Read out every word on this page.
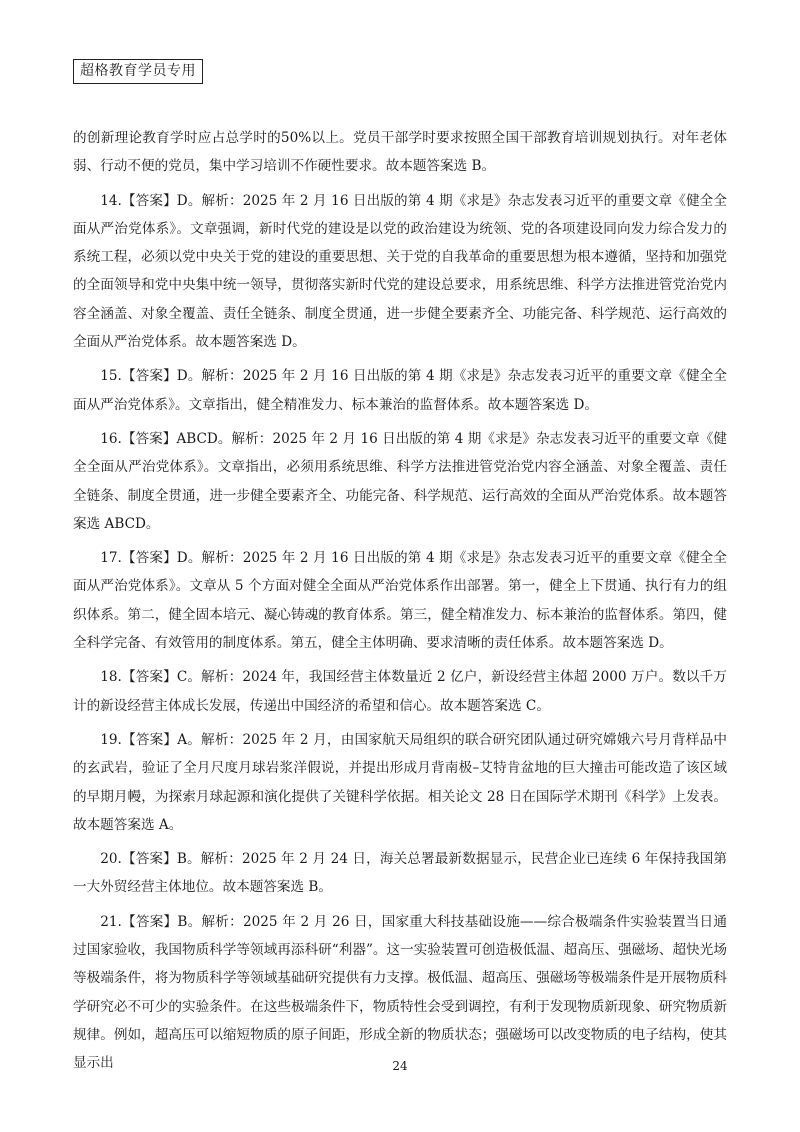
超格教育学员专用

的创新理论教育学时应占总学时的50%以上。党员干部学时要求按照全国干部教育培训规划执行。对年老体弱、行动不便的党员，集中学习培训不作硬性要求。故本题答案选 B。

14.【答案】D。解析：2025 年 2 月 16 日出版的第 4 期《求是》杂志发表习近平的重要文章《健全全面从严治党体系》。文章强调，新时代党的建设是以党的政治建设为统领、党的各项建设同向发力综合发力的系统工程，必须以党中央关于党的建设的重要思想、关于党的自我革命的重要思想为根本遵循，坚持和加强党的全面领导和党中央集中统一领导，贯彻落实新时代党的建设总要求，用系统思维、科学方法推进管党治党内容全涵盖、对象全覆盖、责任全链条、制度全贯通，进一步健全要素齐全、功能完备、科学规范、运行高效的全面从严治党体系。故本题答案选 D。

15.【答案】D。解析：2025 年 2 月 16 日出版的第 4 期《求是》杂志发表习近平的重要文章《健全全面从严治党体系》。文章指出，健全精准发力、标本兼治的监督体系。故本题答案选 D。

16.【答案】ABCD。解析：2025 年 2 月 16 日出版的第 4 期《求是》杂志发表习近平的重要文章《健全全面从严治党体系》。文章指出，必须用系统思维、科学方法推进管党治党内容全涵盖、对象全覆盖、责任全链条、制度全贯通，进一步健全要素齐全、功能完备、科学规范、运行高效的全面从严治党体系。故本题答案选 ABCD。

17.【答案】D。解析：2025 年 2 月 16 日出版的第 4 期《求是》杂志发表习近平的重要文章《健全全面从严治党体系》。文章从 5 个方面对健全全面从严治党体系作出部署。第一，健全上下贯通、执行有力的组织体系。第二，健全固本培元、凝心铸魂的教育体系。第三，健全精准发力、标本兼治的监督体系。第四，健全科学完备、有效管用的制度体系。第五，健全主体明确、要求清晰的责任体系。故本题答案选 D。

18.【答案】C。解析：2024 年，我国经营主体数量近 2 亿户，新设经营主体超 2000 万户。数以千万计的新设经营主体成长发展，传递出中国经济的希望和信心。故本题答案选 C。

19.【答案】A。解析：2025 年 2 月，由国家航天局组织的联合研究团队通过研究嫦娥六号月背样品中的玄武岩，验证了全月尺度月球岩浆洋假说，并提出形成月背南极–艾特肯盆地的巨大撞击可能改造了该区域的早期月幔，为探索月球起源和演化提供了关键科学依据。相关论文 28 日在国际学术期刊《科学》上发表。故本题答案选 A。

20.【答案】B。解析：2025 年 2 月 24 日，海关总署最新数据显示，民营企业已连续 6 年保持我国第一大外贸经营主体地位。故本题答案选 B。

21.【答案】B。解析：2025 年 2 月 26 日，国家重大科技基础设施——综合极端条件实验装置当日通过国家验收，我国物质科学等领域再添科研“利器”。这一实验装置可创造极低温、超高压、强磁场、超快光场等极端条件，将为物质科学等领域基础研究提供有力支撑。极低温、超高压、强磁场等极端条件是开展物质科学研究必不可少的实验条件。在这些极端条件下，物质特性会受到调控，有利于发现物质新现象、研究物质新规律。例如，超高压可以缩短物质的原子间距，形成全新的物质状态；强磁场可以改变物质的电子结构，使其显示出	24
